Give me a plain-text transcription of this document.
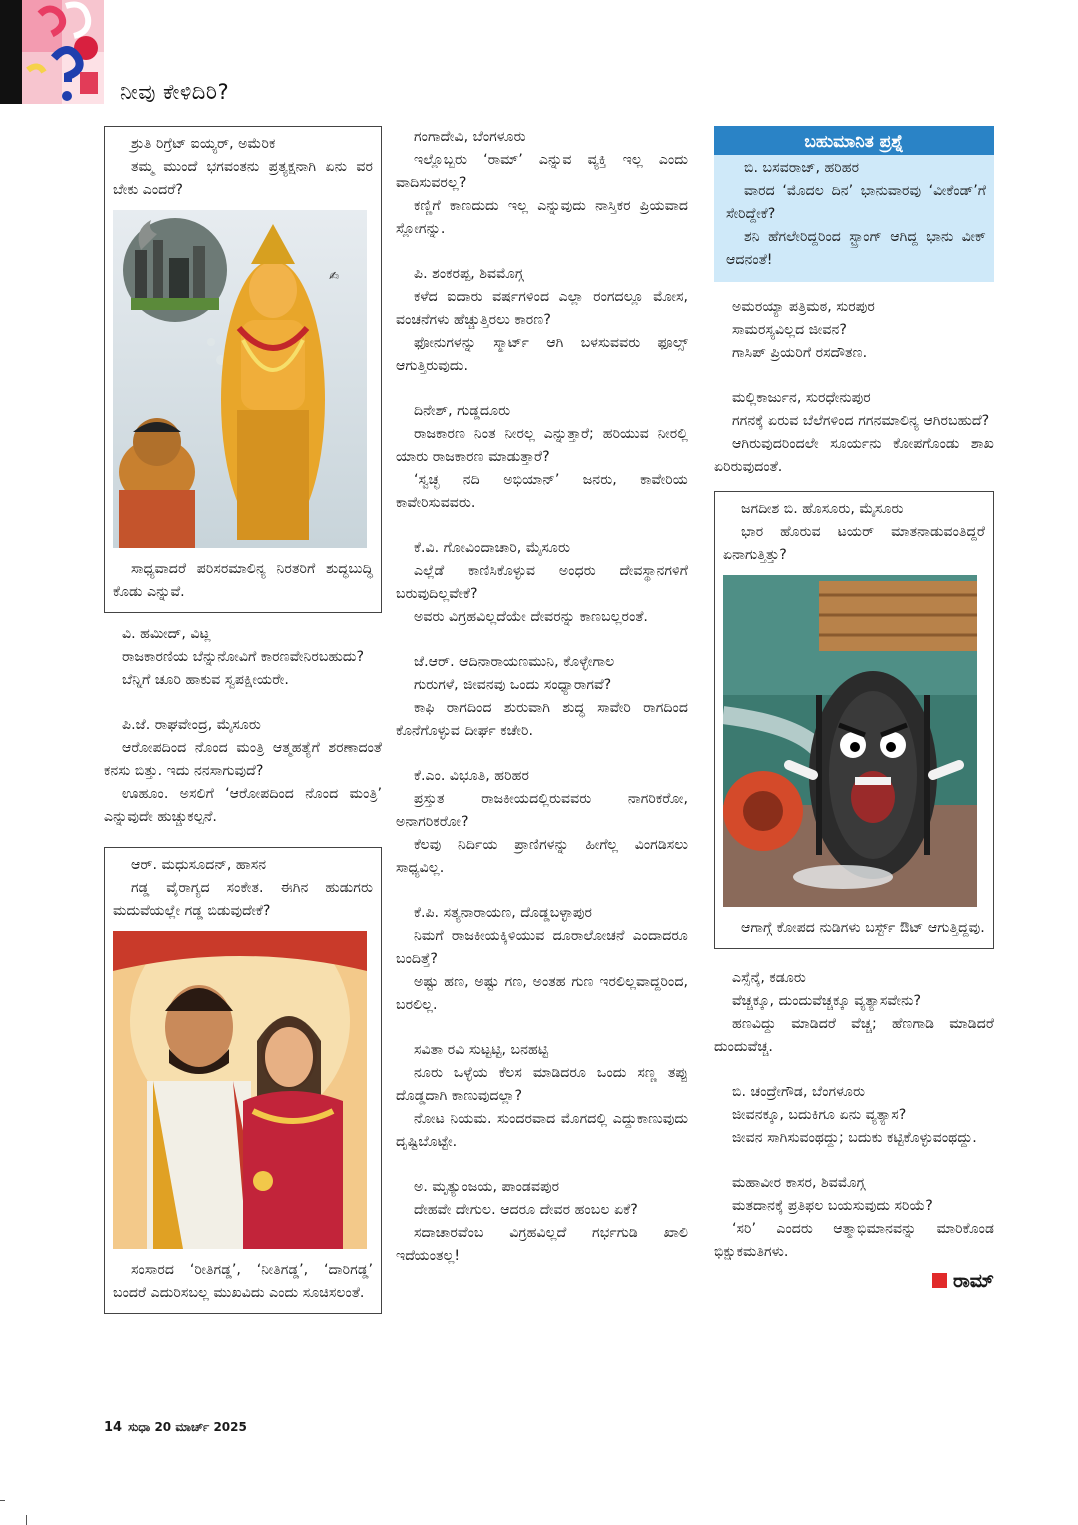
ನೀವು ಕೇಳಿದಿರಿ?

ಶ್ರುತಿ ರಿಗ್ರೆಟ್ ಐಯ್ಯರ್, ಅಮೆರಿಕ

ತಮ್ಮ ಮುಂದೆ ಭಗವಂತನು ಪ್ರತ್ಯಕ್ಷನಾಗಿ ಏನು ವರ ಬೇಕು ಎಂದರೆ?

✍

ಸಾಧ್ಯವಾದರೆ ಪರಿಸರಮಾಲಿನ್ಯ ನಿರತರಿಗೆ ಶುದ್ಧಬುದ್ಧಿ ಕೊಡು ಎನ್ನುವೆ.

ವಿ. ಹಮೀದ್, ವಿಟ್ಲ

ರಾಜಕಾರಣಿಯ ಬೆನ್ನುನೋವಿಗೆ ಕಾರಣವೇನಿರಬಹುದು?

ಬೆನ್ನಿಗೆ ಚೂರಿ ಹಾಕುವ ಸ್ವಪಕ್ಷೀಯರೇ.

ಪಿ.ಜೆ. ರಾಘವೇಂದ್ರ, ಮೈಸೂರು

ಆರೋಪದಿಂದ ನೊಂದ ಮಂತ್ರಿ ಆತ್ಮಹತ್ಯೆಗೆ ಶರಣಾದಂತೆ ಕನಸು ಬಿತ್ತು. ಇದು ನನಸಾಗುವುದೆ?

ಊಹೂಂ. ಅಸಲಿಗೆ ‘ಆರೋಪದಿಂದ ನೊಂದ ಮಂತ್ರಿ’ ಎನ್ನುವುದೇ ಹುಚ್ಚುಕಲ್ಪನೆ.

ಆರ್. ಮಧುಸೂದನ್, ಹಾಸನ

ಗಡ್ಡ ವೈರಾಗ್ಯದ ಸಂಕೇತ. ಈಗಿನ ಹುಡುಗರು ಮದುವೆಯಲ್ಲೇ ಗಡ್ಡ ಬಿಡುವುದೇಕೆ?

ಸಂಸಾರದ ‘ರೀತಿಗಡ್ಡ’, ‘ನೀತಿಗಡ್ಡ’, ‘ದಾರಿಗಡ್ಡ’ ಬಂದರೆ ಎದುರಿಸಬಲ್ಲ ಮುಖವಿದು ಎಂದು ಸೂಚಿಸಲಂತೆ.

ಗಂಗಾದೇವಿ, ಬೆಂಗಳೂರು

ಇಲ್ಲೊಬ್ಬರು ‘ರಾಮ್’ ಎನ್ನುವ ವ್ಯಕ್ತಿ ಇಲ್ಲ ಎಂದು ವಾದಿಸುವರಲ್ಲ?

ಕಣ್ಣಿಗೆ ಕಾಣದುದು ಇಲ್ಲ ಎನ್ನುವುದು ನಾಸ್ತಿಕರ ಪ್ರಿಯವಾದ ಸ್ಲೋಗನ್ನು.

ಪಿ. ಶಂಕರಪ್ಪ, ಶಿವಮೊಗ್ಗ

ಕಳೆದ ಐದಾರು ವರ್ಷಗಳಿಂದ ಎಲ್ಲಾ ರಂಗದಲ್ಲೂ ಮೋಸ, ವಂಚನೆಗಳು ಹೆಚ್ಚುತ್ತಿರಲು ಕಾರಣ?

ಫೋನುಗಳನ್ನು ಸ್ಮಾರ್ಟ್ ಆಗಿ ಬಳಸುವವರು ಫೂಲ್ಸ್ ಆಗುತ್ತಿರುವುದು.

ದಿನೇಶ್, ಗುಡ್ಡದೂರು

ರಾಜಕಾರಣ ನಿಂತ ನೀರಲ್ಲ ಎನ್ನುತ್ತಾರೆ; ಹರಿಯುವ ನೀರಲ್ಲಿ ಯಾರು ರಾಜಕಾರಣ ಮಾಡುತ್ತಾರೆ?

‘ಸ್ವಚ್ಛ ನದಿ ಅಭಿಯಾನ್’ ಜನರು, ಕಾವೇರಿಯ ಕಾವೇರಿಸುವವರು.

ಕೆ.ವಿ. ಗೋವಿಂದಾಚಾರಿ, ಮೈಸೂರು

ಎಲ್ಲೆಡೆ ಕಾಣಿಸಿಕೊಳ್ಳುವ ಅಂಧರು ದೇವಸ್ಥಾನಗಳಿಗೆ ಬರುವುದಿಲ್ಲವೇಕೆ?

ಅವರು ವಿಗ್ರಹವಿಲ್ಲದೆಯೇ ದೇವರನ್ನು ಕಾಣಬಲ್ಲರಂತೆ.

ಜೆ.ಆರ್. ಆದಿನಾರಾಯಣಮುನಿ, ಕೊಳ್ಳೇಗಾಲ

ಗುರುಗಳೆ, ಜೀವನವು ಒಂದು ಸಂಧ್ಯಾರಾಗವೆ?

ಕಾಫಿ ರಾಗದಿಂದ ಶುರುವಾಗಿ ಶುದ್ಧ ಸಾವೇರಿ ರಾಗದಿಂದ ಕೊನೆಗೊಳ್ಳುವ ದೀರ್ಘ ಕಚೇರಿ.

ಕೆ.ಎಂ. ವಿಭೂತಿ, ಹರಿಹರ

ಪ್ರಸ್ತುತ ರಾಜಕೀಯದಲ್ಲಿರುವವರು ನಾಗರಿಕರೋ, ಅನಾಗರಿಕರೋ?

ಕೆಲವು ನಿರ್ದಿಯ ಪ್ರಾಣಿಗಳನ್ನು ಹೀಗೆಲ್ಲ ವಿಂಗಡಿಸಲು ಸಾಧ್ಯವಿಲ್ಲ.

ಕೆ.ಪಿ. ಸತ್ಯನಾರಾಯಣ, ದೊಡ್ಡಬಳ್ಳಾಪುರ

ನಿಮಗೆ ರಾಜಕೀಯಕ್ಕಿಳಿಯುವ ದೂರಾಲೋಚನೆ ಎಂದಾದರೂ ಬಂದಿತ್ತೆ?

ಅಷ್ಟು ಹಣ, ಅಷ್ಟು ಗಣ, ಅಂತಹ ಗುಣ ಇರಲಿಲ್ಲವಾದ್ದರಿಂದ, ಬರಲಿಲ್ಲ.

ಸವಿತಾ ರವಿ ಸುಟ್ಟಟ್ಟಿ, ಬನಹಟ್ಟಿ

ನೂರು ಒಳ್ಳೆಯ ಕೆಲಸ ಮಾಡಿದರೂ ಒಂದು ಸಣ್ಣ ತಪ್ಪು ದೊಡ್ಡದಾಗಿ ಕಾಣುವುದಲ್ಲಾ?

ನೋಟ ನಿಯಮ. ಸುಂದರವಾದ ಮೊಗದಲ್ಲಿ ಎದ್ದುಕಾಣುವುದು ದೃಷ್ಟಿಬೊಟ್ಟೇ.

ಅ. ಮೃತ್ಯುಂಜಯ, ಪಾಂಡವಪುರ

ದೇಹವೇ ದೇಗುಲ. ಆದರೂ ದೇವರ ಹಂಬಲ ಏಕೆ?

ಸದಾಚಾರವೆಂಬ ವಿಗ್ರಹವಿಲ್ಲದೆ ಗರ್ಭಗುಡಿ ಖಾಲಿ ಇದೆಯಂತಲ್ಲ!

ಬಹುಮಾನಿತ ಪ್ರಶ್ನೆ

ಬಿ. ಬಸವರಾಜ್, ಹರಿಹರ

ವಾರದ ‘ಮೊದಲ ದಿನ’ ಭಾನುವಾರವು ‘ವೀಕೆಂಡ್’ಗೆ ಸೇರಿದ್ದೇಕೆ?

ಶನಿ ಹೆಗಲೇರಿದ್ದರಿಂದ ಸ್ಟ್ರಾಂಗ್ ಆಗಿದ್ದ ಭಾನು ವೀಕ್ ಆದನಂತೆ!

ಅಮರಯ್ಯಾ ಪತ್ರಿಮಠ, ಸುರಪುರ

ಸಾಮರಸ್ಯವಿಲ್ಲದ ಜೀವನ?

ಗಾಸಿಪ್ ಪ್ರಿಯರಿಗೆ ರಸದೌತಣ.

ಮಲ್ಲಿಕಾರ್ಜುನ, ಸುರಧೇನುಪುರ

ಗಗನಕ್ಕೆ ಏರುವ ಬೆಲೆಗಳಿಂದ ಗಗನಮಾಲಿನ್ಯ ಆಗಿರಬಹುದೆ?

ಆಗಿರುವುದರಿಂದಲೇ ಸೂರ್ಯನು ಕೋಪಗೊಂಡು ಶಾಖ ಏರಿರುವುದಂತೆ.

ಜಗದೀಶ ಬಿ. ಹೊಸೂರು, ಮೈಸೂರು

ಭಾರ ಹೊರುವ ಟಯರ್ ಮಾತನಾಡುವಂತಿದ್ದರೆ ಏನಾಗುತ್ತಿತ್ತು?

ಆಗಾಗ್ಗೆ ಕೋಪದ ನುಡಿಗಳು ಬರ್ಸ್ಟ್ ಔಟ್ ಆಗುತ್ತಿದ್ದವು.

ಎಸ್ಸೆನ್ಕೆ, ಕಡೂರು

ವೆಚ್ಚಕ್ಕೂ, ದುಂದುವೆಚ್ಚಕ್ಕೂ ವ್ಯತ್ಯಾಸವೇನು?

ಹಣವಿದ್ದು ಮಾಡಿದರೆ ವೆಚ್ಚ; ಹೆಣಗಾಡಿ ಮಾಡಿದರೆ ದುಂದುವೆಚ್ಚ.

ಬಿ. ಚಂದ್ರೇಗೌಡ, ಬೆಂಗಳೂರು

ಜೀವನಕ್ಕೂ, ಬದುಕಿಗೂ ಏನು ವ್ಯತ್ಯಾಸ?

ಜೀವನ ಸಾಗಿಸುವಂಥದ್ದು; ಬದುಕು ಕಟ್ಟಿಕೊಳ್ಳುವಂಥದ್ದು.

ಮಹಾವೀರ ಕಾಸರ, ಶಿವಮೊಗ್ಗ

ಮತದಾನಕ್ಕೆ ಪ್ರತಿಫಲ ಬಯಸುವುದು ಸರಿಯೆ?

‘ಸರಿ’ ಎಂದರು ಆತ್ಮಾಭಿಮಾನವನ್ನು ಮಾರಿಕೊಂಡ ಭಿಕ್ಷುಕಮತಿಗಳು.

ರಾಮ್
14 ಸುಧಾ 20 ಮಾರ್ಚ್ 2025
